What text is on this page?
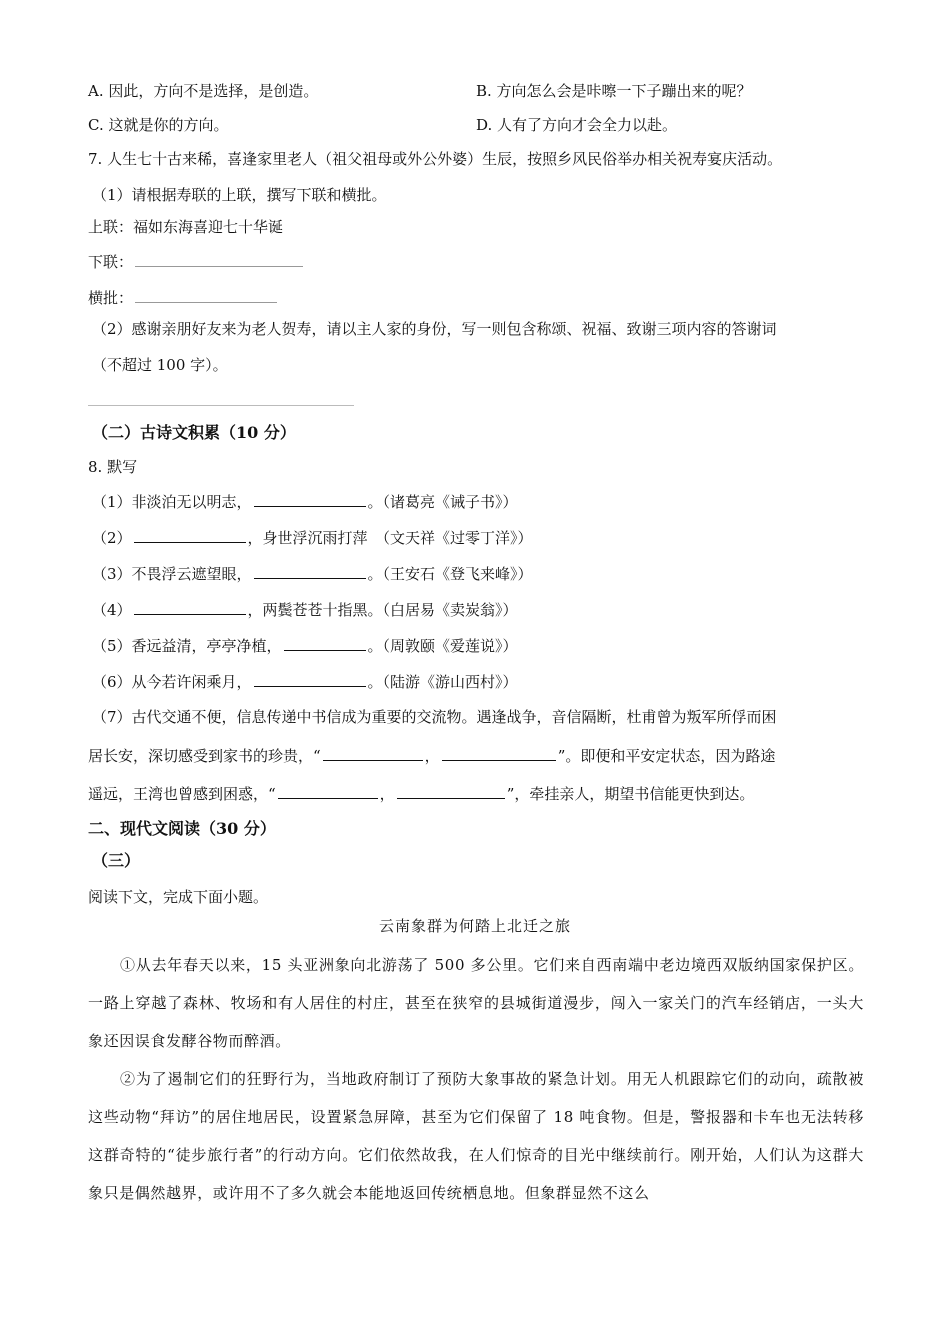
A. 因此，方向不是选择，是创造。	B. 方向怎么会是咔嚓一下子蹦出来的呢？
C. 这就是你的方向。	D. 人有了方向才会全力以赴。
7. 人生七十古来稀，喜逢家里老人（祖父祖母或外公外婆）生辰，按照乡风民俗举办相关祝寿宴庆活动。
（1）请根据寿联的上联，撰写下联和横批。
上联：福如东海喜迎七十华诞
下联：
横批：
（2）感谢亲朋好友来为老人贺寿，请以主人家的身份，写一则包含称颂、祝福、致谢三项内容的答谢词
（不超过 100 字）。
（二）古诗文积累（10 分）
8. 默写
（1）非淡泊无以明志，	。（诸葛亮《诫子书》）
（2）	，身世浮沉雨打萍　（文天祥《过零丁洋》）
（3）不畏浮云遮望眼，	。（王安石《登飞来峰》）
（4）	，两鬓苍苍十指黑。（白居易《卖炭翁》）
（5）香远益清，亭亭净植，	。（周敦颐《爱莲说》）
（6）从今若许闲乘月，	。（陆游《游山西村》）
（7）古代交通不便，信息传递中书信成为重要的交流物。遇逢战争，音信隔断，杜甫曾为叛军所俘而困
居长安，深切感受到家书的珍贵，“	，	”。即便和平安定状态，因为路途
遥远，王湾也曾感到困惑，“	，	”，牵挂亲人，期望书信能更快到达。
二、现代文阅读（30 分）
（三）
阅读下文，完成下面小题。
云南象群为何踏上北迁之旅

①从去年春天以来，15 头亚洲象向北游荡了 500 多公里。它们来自西南端中老边境西双版纳国家保护区。一路上穿越了森林、牧场和有人居住的村庄，甚至在狭窄的县城街道漫步，闯入一家关门的汽车经销店，一头大象还因误食发酵谷物而醉酒。

②为了遏制它们的狂野行为，当地政府制订了预防大象事故的紧急计划。用无人机跟踪它们的动向，疏散被这些动物“拜访”的居住地居民，设置紧急屏障，甚至为它们保留了 18 吨食物。但是，警报器和卡车也无法转移这群奇特的“徒步旅行者”的行动方向。它们依然故我，在人们惊奇的目光中继续前行。刚开始，人们认为这群大象只是偶然越界，或许用不了多久就会本能地返回传统栖息地。但象群显然不这么
